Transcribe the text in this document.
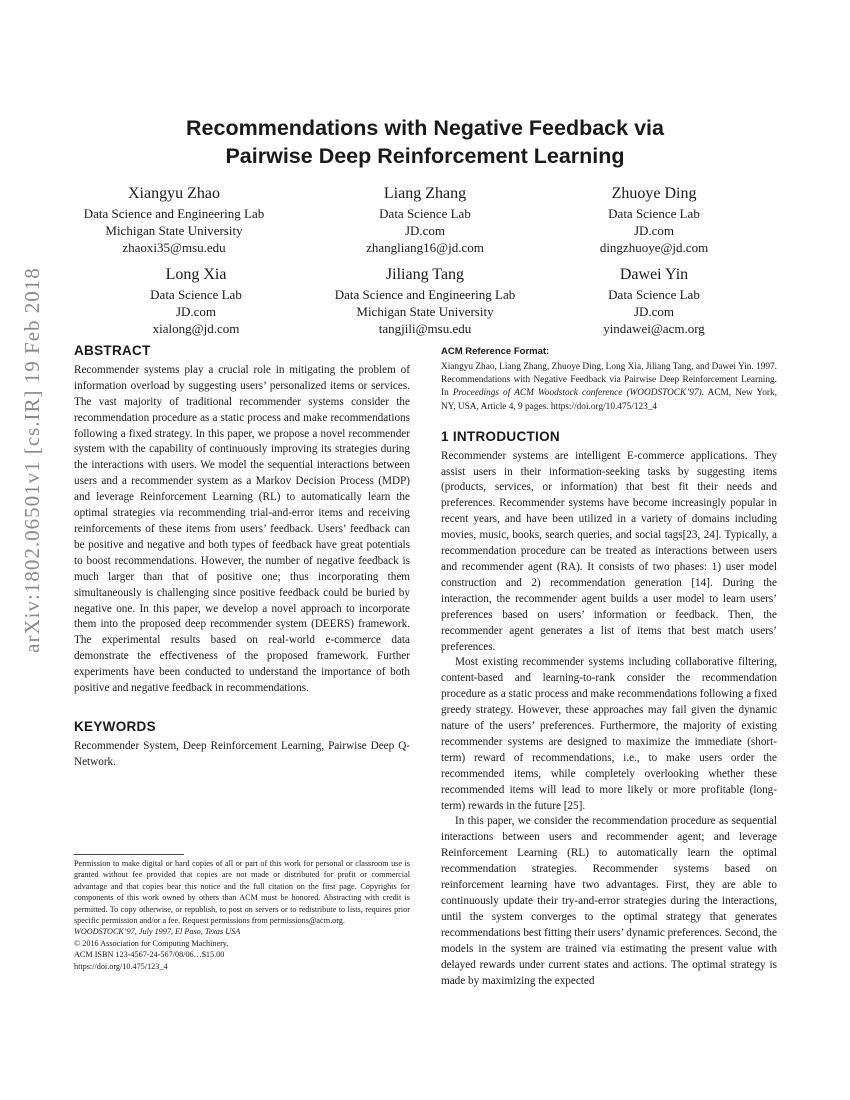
arXiv:1802.06501v1 [cs.IR] 19 Feb 2018
Recommendations with Negative Feedback via
Pairwise Deep Reinforcement Learning
Xiangyu Zhao
Data Science and Engineering Lab
Michigan State University
zhaoxi35@msu.edu
Liang Zhang
Data Science Lab
JD.com
zhangliang16@jd.com
Zhuoye Ding
Data Science Lab
JD.com
dingzhuoye@jd.com
Long Xia
Data Science Lab
JD.com
xialong@jd.com
Jiliang Tang
Data Science and Engineering Lab
Michigan State University
tangjili@msu.edu
Dawei Yin
Data Science Lab
JD.com
yindawei@acm.org
ABSTRACT

Recommender systems play a crucial role in mitigating the problem of information overload by suggesting users’ personalized items or services. The vast majority of traditional recommender systems consider the recommendation procedure as a static process and make recommendations following a fixed strategy. In this paper, we propose a novel recommender system with the capability of continuously improving its strategies during the interactions with users. We model the sequential interactions between users and a recommender system as a Markov Decision Process (MDP) and leverage Reinforcement Learning (RL) to automatically learn the optimal strategies via recommending trial-and-error items and receiving reinforcements of these items from users’ feedback. Users’ feedback can be positive and negative and both types of feedback have great potentials to boost recommendations. However, the number of negative feedback is much larger than that of positive one; thus incorporating them simultaneously is challenging since positive feedback could be buried by negative one. In this paper, we develop a novel approach to incorporate them into the proposed deep recommender system (DEERS) framework. The experimental results based on real-world e-commerce data demonstrate the effectiveness of the proposed framework. Further experiments have been conducted to understand the importance of both positive and negative feedback in recommendations.

KEYWORDS

Recommender System, Deep Reinforcement Learning, Pairwise Deep Q-Network.

Permission to make digital or hard copies of all or part of this work for personal or classroom use is granted without fee provided that copies are not made or distributed for profit or commercial advantage and that copies bear this notice and the full citation on the first page. Copyrights for components of this work owned by others than ACM must be honored. Abstracting with credit is permitted. To copy otherwise, or republish, to post on servers or to redistribute to lists, requires prior specific permission and/or a fee. Request permissions from permissions@acm.org.

WOODSTOCK’97, July 1997, El Paso, Texas USA

© 2016 Association for Computing Machinery.

ACM ISBN 123-4567-24-567/08/06…$15.00

https://doi.org/10.475/123_4

ACM Reference Format:

Xiangyu Zhao, Liang Zhang, Zhuoye Ding, Long Xia, Jiliang Tang, and Dawei Yin. 1997. Recommendations with Negative Feedback via Pairwise Deep Reinforcement Learning. In Proceedings of ACM Woodstock conference (WOODSTOCK’97). ACM, New York, NY, USA, Article 4, 9 pages. https://doi.org/10.475/123_4

1 INTRODUCTION

Recommender systems are intelligent E-commerce applications. They assist users in their information-seeking tasks by suggesting items (products, services, or information) that best fit their needs and preferences. Recommender systems have become increasingly popular in recent years, and have been utilized in a variety of domains including movies, music, books, search queries, and social tags[23, 24]. Typically, a recommendation procedure can be treated as interactions between users and recommender agent (RA). It consists of two phases: 1) user model construction and 2) recommendation generation [14]. During the interaction, the recommender agent builds a user model to learn users’ preferences based on users’ information or feedback. Then, the recommender agent generates a list of items that best match users’ preferences.

Most existing recommender systems including collaborative filtering, content-based and learning-to-rank consider the recommendation procedure as a static process and make recommendations following a fixed greedy strategy. However, these approaches may fail given the dynamic nature of the users’ preferences. Furthermore, the majority of existing recommender systems are designed to maximize the immediate (short-term) reward of recommendations, i.e., to make users order the recommended items, while completely overlooking whether these recommended items will lead to more likely or more profitable (long-term) rewards in the future [25].

In this paper, we consider the recommendation procedure as sequential interactions between users and recommender agent; and leverage Reinforcement Learning (RL) to automatically learn the optimal recommendation strategies. Recommender systems based on reinforcement learning have two advantages. First, they are able to continuously update their try-and-error strategies during the interactions, until the system converges to the optimal strategy that generates recommendations best fitting their users’ dynamic preferences. Second, the models in the system are trained via estimating the present value with delayed rewards under current states and actions. The optimal strategy is made by maximizing the expected
